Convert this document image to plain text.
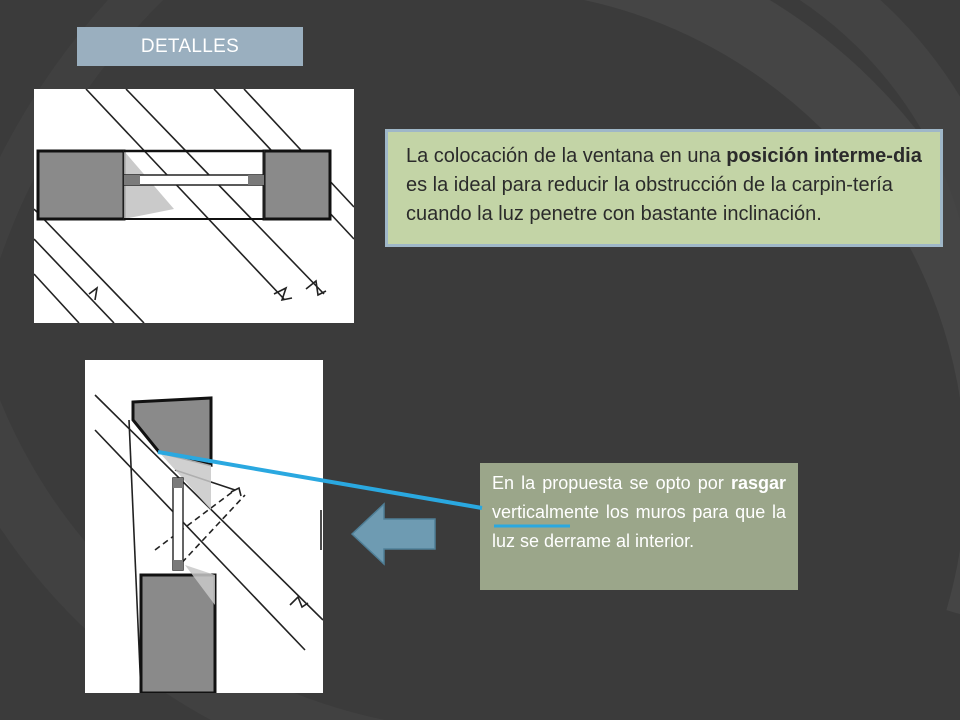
DETALLES
La colocación de la ventana en una posición interme-dia es la ideal para reducir la obstrucción de la carpin-tería cuando la luz penetre con bastante inclinación.
En la propuesta se opto por rasgar verticalmente los muros para que la luz se derrame al interior.
